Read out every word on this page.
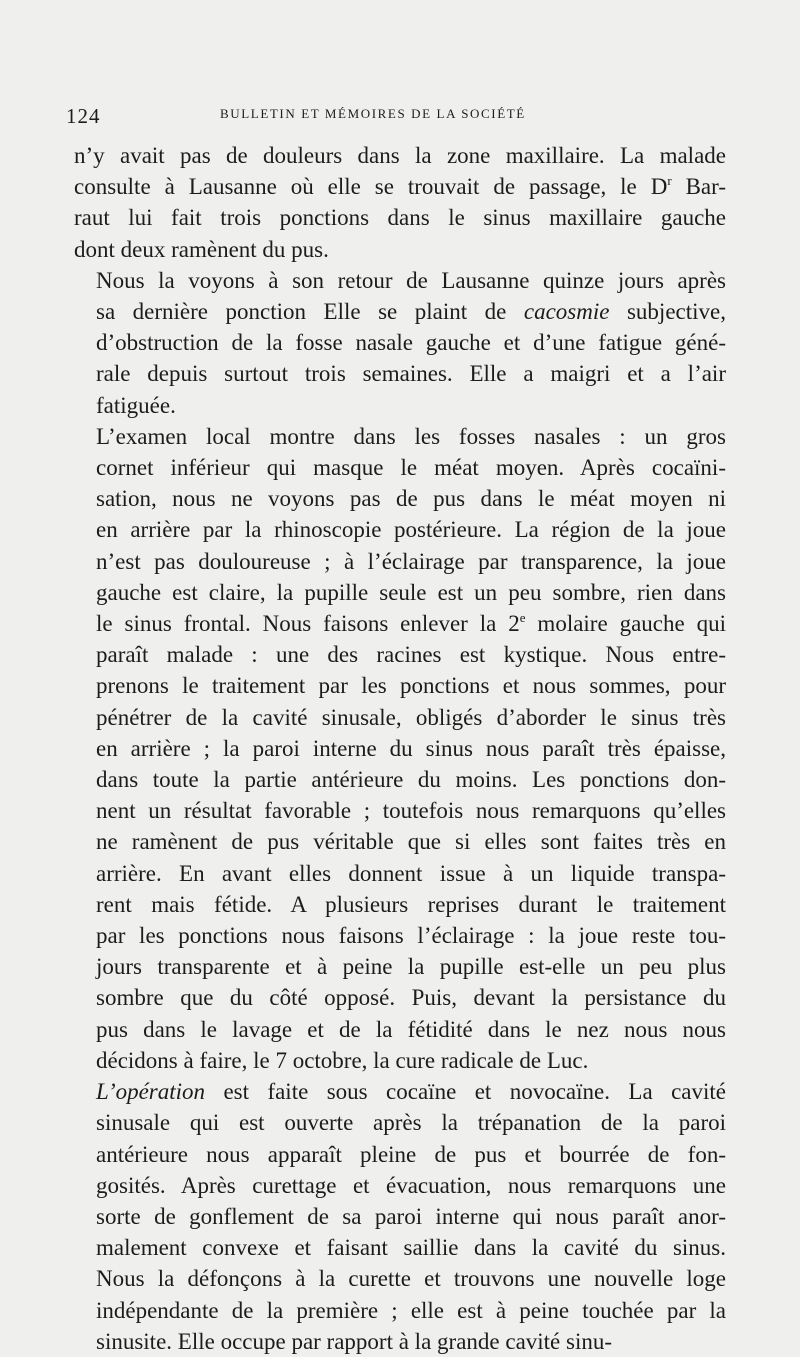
124	BULLETIN ET MÉMOIRES DE LA SOCIÉTÉ

n’y avait pas de douleurs dans la zone maxillaire. La malade
consulte à Lausanne où elle se trouvait de passage, le $D^r$ Bar-
raut lui fait trois ponctions dans le sinus maxillaire gauche
dont deux ramènent du pus.

Nous la voyons à son retour de Lausanne quinze jours après
sa dernière ponction Elle se plaint de cacosmie subjective,
d’obstruction de la fosse nasale gauche et d’une fatigue géné-
rale depuis surtout trois semaines. Elle a maigri et a l’air
fatiguée.

L’examen local montre dans les fosses nasales : un gros
cornet inférieur qui masque le méat moyen. Après cocaïni-
sation, nous ne voyons pas de pus dans le méat moyen ni
en arrière par la rhinoscopie postérieure. La région de la joue
n’est pas douloureuse ; à l’éclairage par transparence, la joue
gauche est claire, la pupille seule est un peu sombre, rien dans
le sinus frontal. Nous faisons enlever la 2e molaire gauche qui
paraît malade : une des racines est kystique. Nous entre-
prenons le traitement par les ponctions et nous sommes, pour
pénétrer de la cavité sinusale, obligés d’aborder le sinus très
en arrière ; la paroi interne du sinus nous paraît très épaisse,
dans toute la partie antérieure du moins. Les ponctions don-
nent un résultat favorable ; toutefois nous remarquons qu’elles
ne ramènent de pus véritable que si elles sont faites très en
arrière. En avant elles donnent issue à un liquide transpa-
rent mais fétide. A plusieurs reprises durant le traitement
par les ponctions nous faisons l’éclairage : la joue reste tou-
jours transparente et à peine la pupille est-elle un peu plus
sombre que du côté opposé. Puis, devant la persistance du
pus dans le lavage et de la fétidité dans le nez nous nous
décidons à faire, le 7 octobre, la cure radicale de Luc.

L’opération est faite sous cocaïne et novocaïne. La cavité
sinusale qui est ouverte après la trépanation de la paroi
antérieure nous apparaît pleine de pus et bourrée de fon-
gosités. Après curettage et évacuation, nous remarquons une
sorte de gonflement de sa paroi interne qui nous paraît anor-
malement convexe et faisant saillie dans la cavité du sinus.
Nous la défonçons à la curette et trouvons une nouvelle loge
indépendante de la première ; elle est à peine touchée par la
sinusite. Elle occupe par rapport à la grande cavité sinu-
